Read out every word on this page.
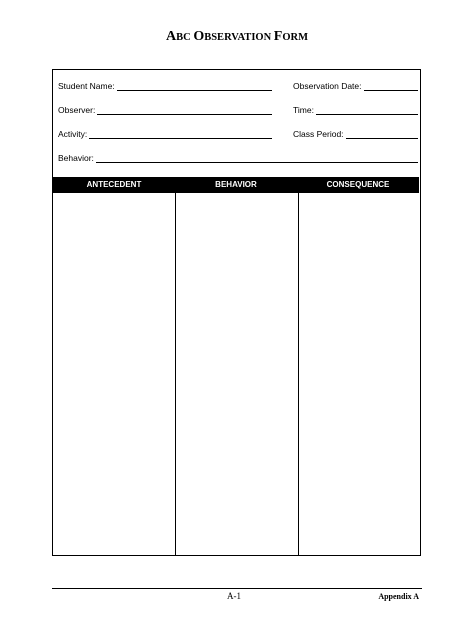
ABC OBSERVATION FORM
Student Name:	Observation Date:
Observer:	Time:
Activity:	Class Period:
Behavior:
ANTECEDENT	BEHAVIOR	CONSEQUENCE
A-1	Appendix A
